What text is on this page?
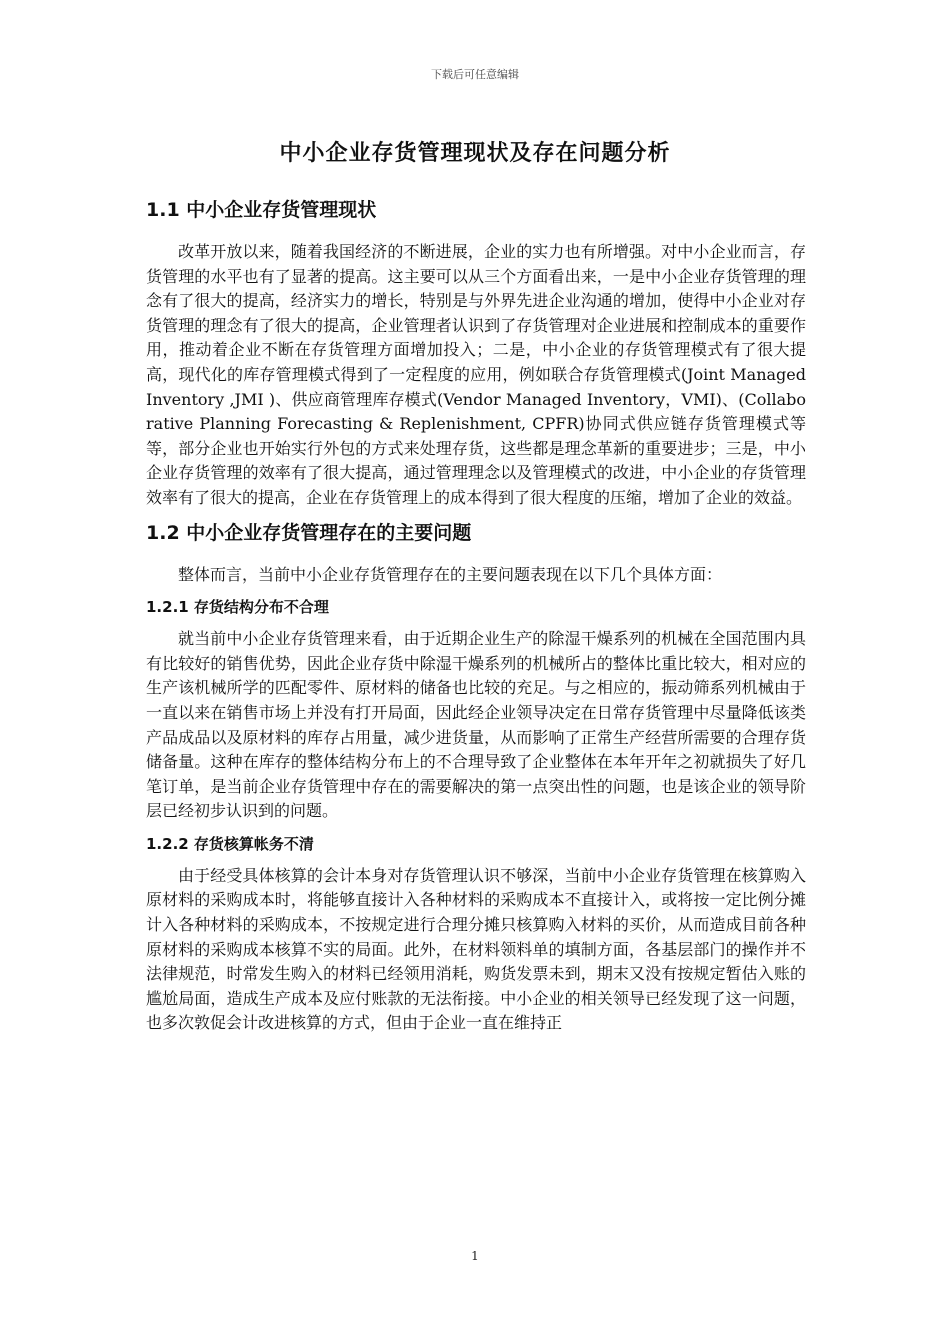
下载后可任意编辑
中小企业存货管理现状及存在问题分析
1.1 中小企业存货管理现状

改革开放以来，随着我国经济的不断进展，企业的实力也有所增强。对中小企业而言，存货管理的水平也有了显著的提高。这主要可以从三个方面看出来，一是中小企业存货管理的理念有了很大的提高，经济实力的增长，特别是与外界先进企业沟通的增加，使得中小企业对存货管理的理念有了很大的提高，企业管理者认识到了存货管理对企业进展和控制成本的重要作用，推动着企业不断在存货管理方面增加投入；二是，中小企业的存货管理模式有了很大提高，现代化的库存管理模式得到了一定程度的应用，例如联合存货管理模式(Joint Managed Inventory ,JMI )、供应商管理库存模式(Vendor Managed Inventory，VMI)、(Collaborative Planning Forecasting & Replenishment, CPFR)协同式供应链存货管理模式等等，部分企业也开始实行外包的方式来处理存货，这些都是理念革新的重要进步；三是，中小企业存货管理的效率有了很大提高，通过管理理念以及管理模式的改进，中小企业的存货管理效率有了很大的提高，企业在存货管理上的成本得到了很大程度的压缩，增加了企业的效益。

1.2 中小企业存货管理存在的主要问题

整体而言，当前中小企业存货管理存在的主要问题表现在以下几个具体方面：

1.2.1 存货结构分布不合理

就当前中小企业存货管理来看，由于近期企业生产的除湿干燥系列的机械在全国范围内具有比较好的销售优势，因此企业存货中除湿干燥系列的机械所占的整体比重比较大，相对应的生产该机械所学的匹配零件、原材料的储备也比较的充足。与之相应的，振动筛系列机械由于一直以来在销售市场上并没有打开局面，因此经企业领导决定在日常存货管理中尽量降低该类产品成品以及原材料的库存占用量，减少进货量，从而影响了正常生产经营所需要的合理存货储备量。这种在库存的整体结构分布上的不合理导致了企业整体在本年开年之初就损失了好几笔订单，是当前企业存货管理中存在的需要解决的第一点突出性的问题，也是该企业的领导阶层已经初步认识到的问题。

1.2.2 存货核算帐务不清

由于经受具体核算的会计本身对存货管理认识不够深，当前中小企业存货管理在核算购入原材料的采购成本时，将能够直接计入各种材料的采购成本不直接计入，或将按一定比例分摊计入各种材料的采购成本，不按规定进行合理分摊只核算购入材料的买价，从而造成目前各种原材料的采购成本核算不实的局面。此外，在材料领料单的填制方面，各基层部门的操作并不法律规范，时常发生购入的材料已经领用消耗，购货发票未到，期末又没有按规定暂估入账的尴尬局面，造成生产成本及应付账款的无法衔接。中小企业的相关领导已经发现了这一问题，也多次敦促会计改进核算的方式，但由于企业一直在维持正

1
